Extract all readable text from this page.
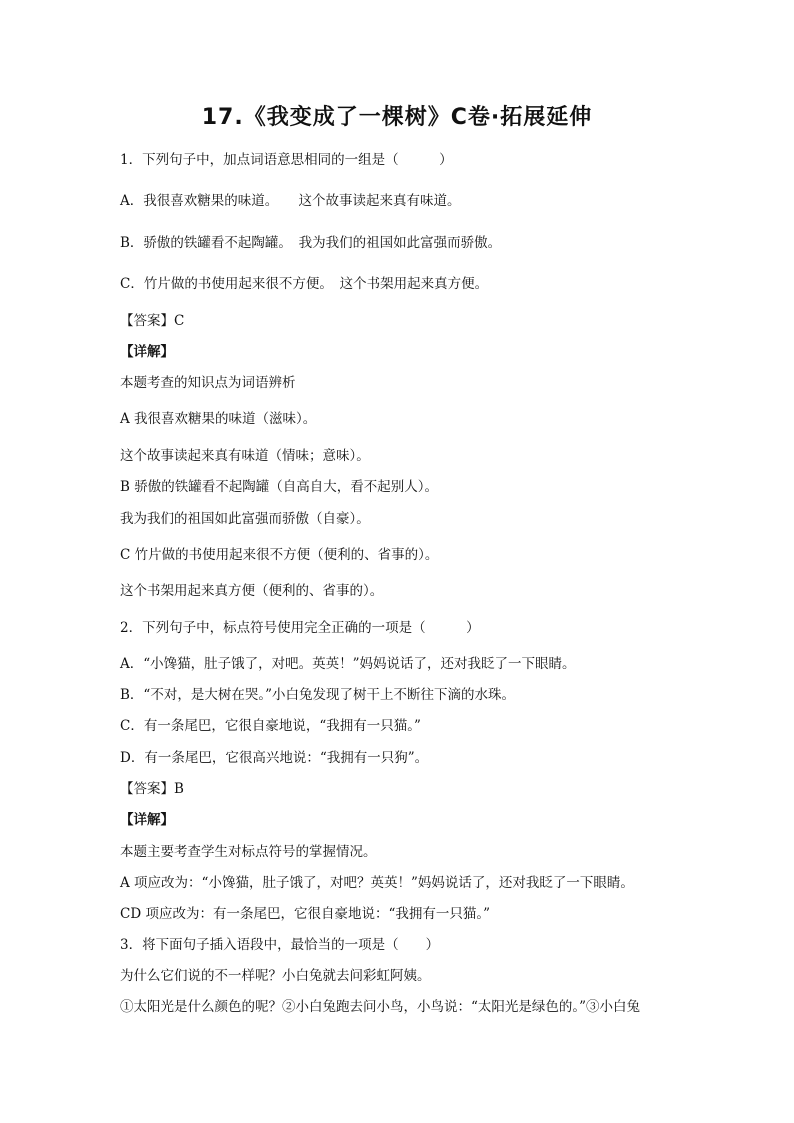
17.《我变成了一棵树》C卷·拓展延伸
1．下列句子中，加点词语意思相同的一组是（　　　）
A．我很喜欢糖果的味道。　　这个故事读起来真有味道。
B．骄傲的铁罐看不起陶罐。　我为我们的祖国如此富强而骄傲。
C．竹片做的书使用起来很不方便。　这个书架用起来真方便。
【答案】C
【详解】
本题考查的知识点为词语辨析
A 我很喜欢糖果的味道（滋味）。
这个故事读起来真有味道（情味；意味）。
B 骄傲的铁罐看不起陶罐（自高自大，看不起别人）。
我为我们的祖国如此富强而骄傲（自豪）。
C 竹片做的书使用起来很不方便（便利的、省事的）。
这个书架用起来真方便（便利的、省事的）。
2．下列句子中，标点符号使用完全正确的一项是（　　　）
A．“小馋猫，肚子饿了，对吧。英英！”妈妈说话了，还对我眨了一下眼睛。
B．“不对，是大树在哭。”小白兔发现了树干上不断往下滴的水珠。
C．有一条尾巴，它很自豪地说，“我拥有一只猫。”
D．有一条尾巴，它很高兴地说：“我拥有一只狗”。
【答案】B
【详解】
本题主要考查学生对标点符号的掌握情况。
A 项应改为：“小馋猫，肚子饿了，对吧？英英！”妈妈说话了，还对我眨了一下眼睛。
CD 项应改为：有一条尾巴，它很自豪地说：“我拥有一只猫。”
3．将下面句子插入语段中，最恰当的一项是（　　）
为什么它们说的不一样呢？小白兔就去问彩虹阿姨。
①太阳光是什么颜色的呢？②小白兔跑去问小鸟，小鸟说：“太阳光是绿色的。”③小白兔
